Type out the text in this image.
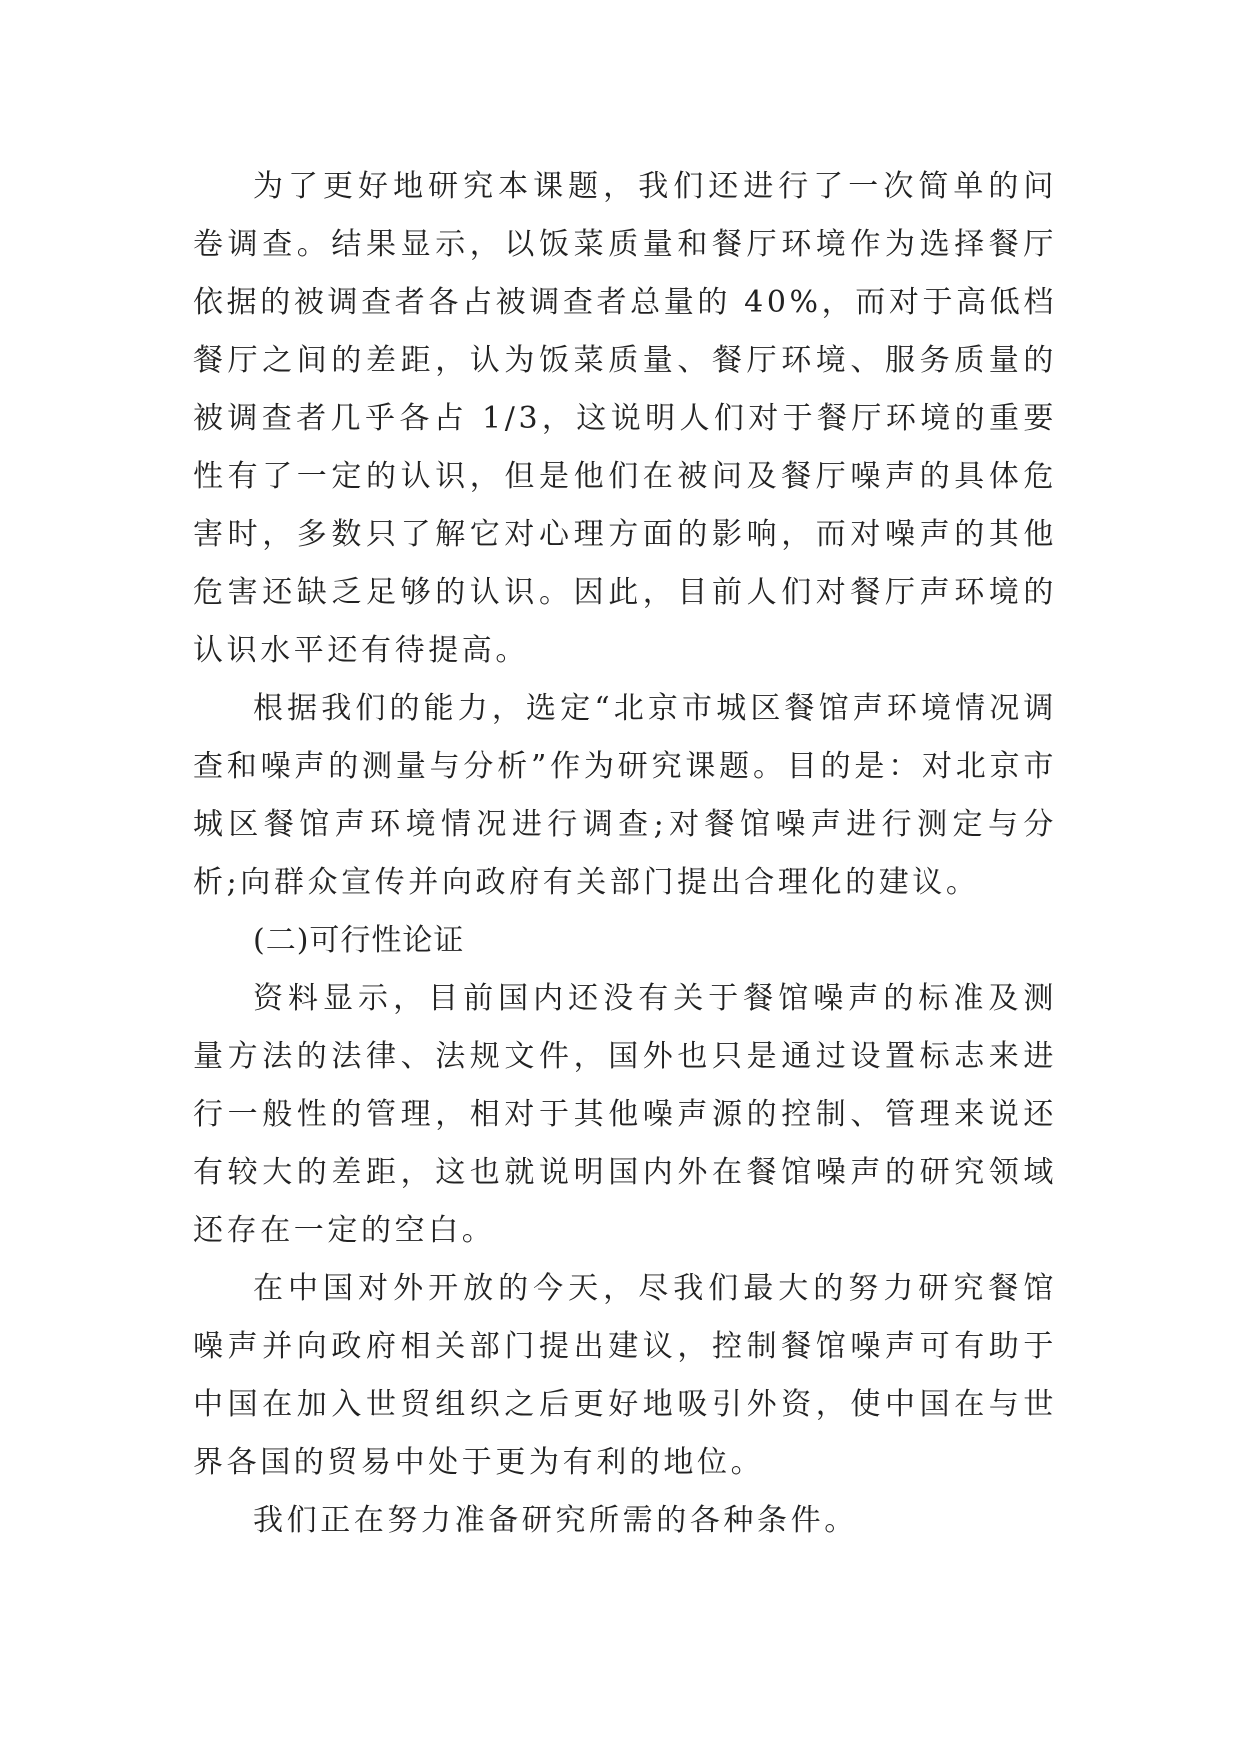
为了更好地研究本课题，我们还进行了一次简单的问卷调查。结果显示，以饭菜质量和餐厅环境作为选择餐厅依据的被调查者各占被调查者总量的 40%，而对于高低档餐厅之间的差距，认为饭菜质量、餐厅环境、服务质量的被调查者几乎各占 1/3，这说明人们对于餐厅环境的重要性有了一定的认识，但是他们在被问及餐厅噪声的具体危害时，多数只了解它对心理方面的影响，而对噪声的其他危害还缺乏足够的认识。因此，目前人们对餐厅声环境的认识水平还有待提高。

根据我们的能力，选定“北京市城区餐馆声环境情况调查和噪声的测量与分析”作为研究课题。目的是：对北京市城区餐馆声环境情况进行调查;对餐馆噪声进行测定与分析;向群众宣传并向政府有关部门提出合理化的建议。

(二)可行性论证

资料显示，目前国内还没有关于餐馆噪声的标准及测量方法的法律、法规文件，国外也只是通过设置标志来进行一般性的管理，相对于其他噪声源的控制、管理来说还有较大的差距，这也就说明国内外在餐馆噪声的研究领域还存在一定的空白。

在中国对外开放的今天，尽我们最大的努力研究餐馆噪声并向政府相关部门提出建议，控制餐馆噪声可有助于中国在加入世贸组织之后更好地吸引外资，使中国在与世界各国的贸易中处于更为有利的地位。

我们正在努力准备研究所需的各种条件。
